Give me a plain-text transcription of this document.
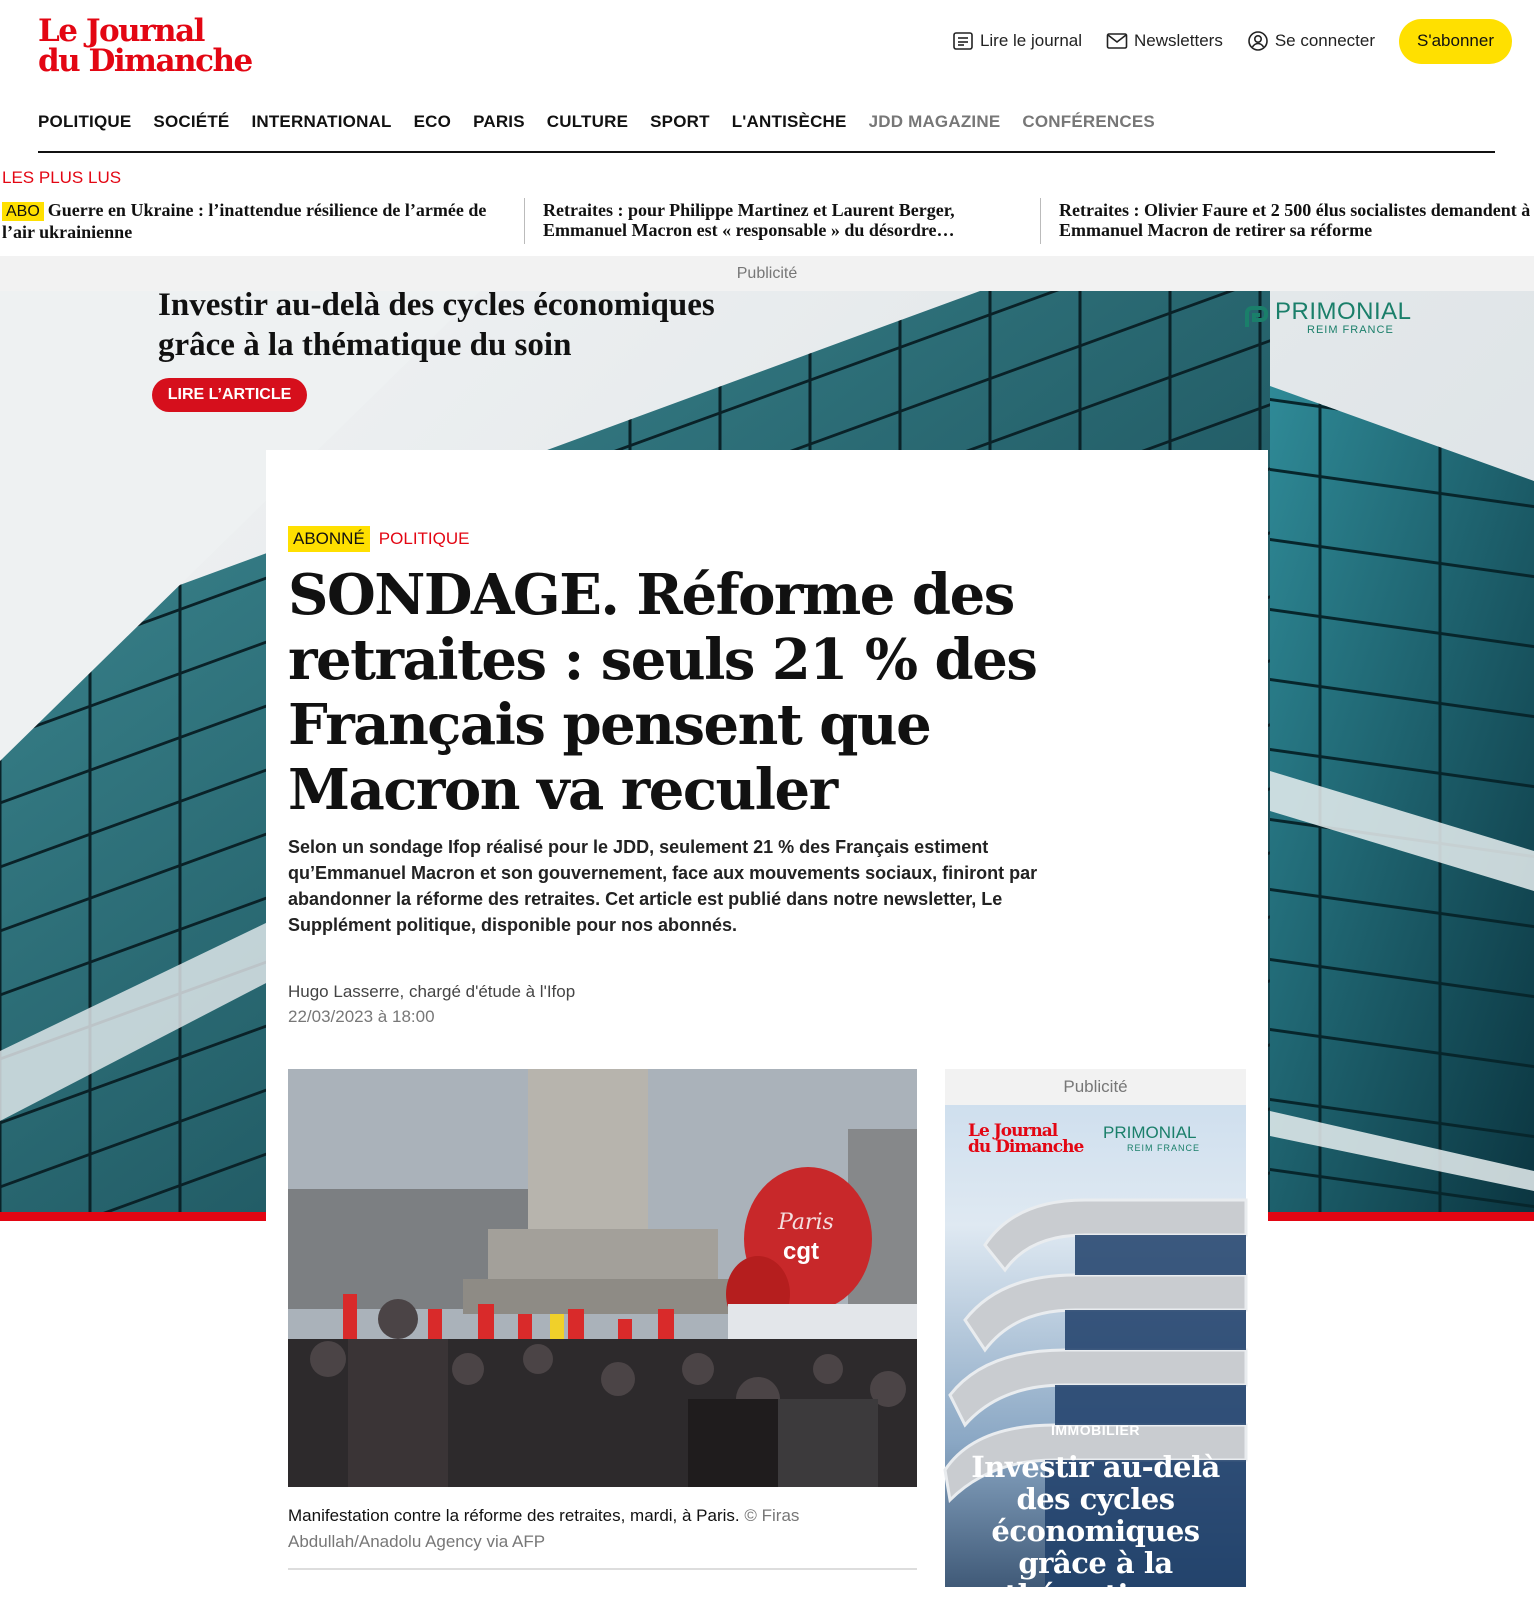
Le Journal
du Dimanche
Lire le journal	Newsletters	Se connecter	S'abonner
POLITIQUE SOCIÉTÉ INTERNATIONAL ECO PARIS CULTURE SPORT L'ANTISÈCHE JDD MAGAZINE CONFÉRENCES
LES PLUS LUS
ABO Guerre en Ukraine : l’inattendue résilience de l’armée de l’air ukrainienne
Retraites : pour Philippe Martinez et Laurent Berger, Emmanuel Macron est « responsable » du désordre…
Retraites : Olivier Faure et 2 500 élus socialistes demandent à Emmanuel Macron de retirer sa réforme
Publicité
Investir au-delà des cycles économiques
grâce à la thématique du soin
LIRE L’ARTICLE
PRIMONIAL
REIM FRANCE
ABONNÉ POLITIQUE
SONDAGE. Réforme des retraites : seuls 21 % des Français pensent que Macron va reculer

Selon un sondage Ifop réalisé pour le JDD, seulement 21 % des Français estiment qu’Emmanuel Macron et son gouvernement, face aux mouvements sociaux, finiront par abandonner la réforme des retraites. Cet article est publié dans notre newsletter, Le Supplément politique, disponible pour nos abonnés.

Hugo Lasserre, chargé d'étude à l'Ifop
22/03/2023 à 18:00
Paris
cgt
Manifestation contre la réforme des retraites, mardi, à Paris. © Firas Abdullah/Anadolu Agency via AFP
Publicité
Le Journal
du Dimanche
PRIMONIAL
REIM FRANCE
IMMOBILIER
Investir au-delà des cycles économiques grâce à la thématique
